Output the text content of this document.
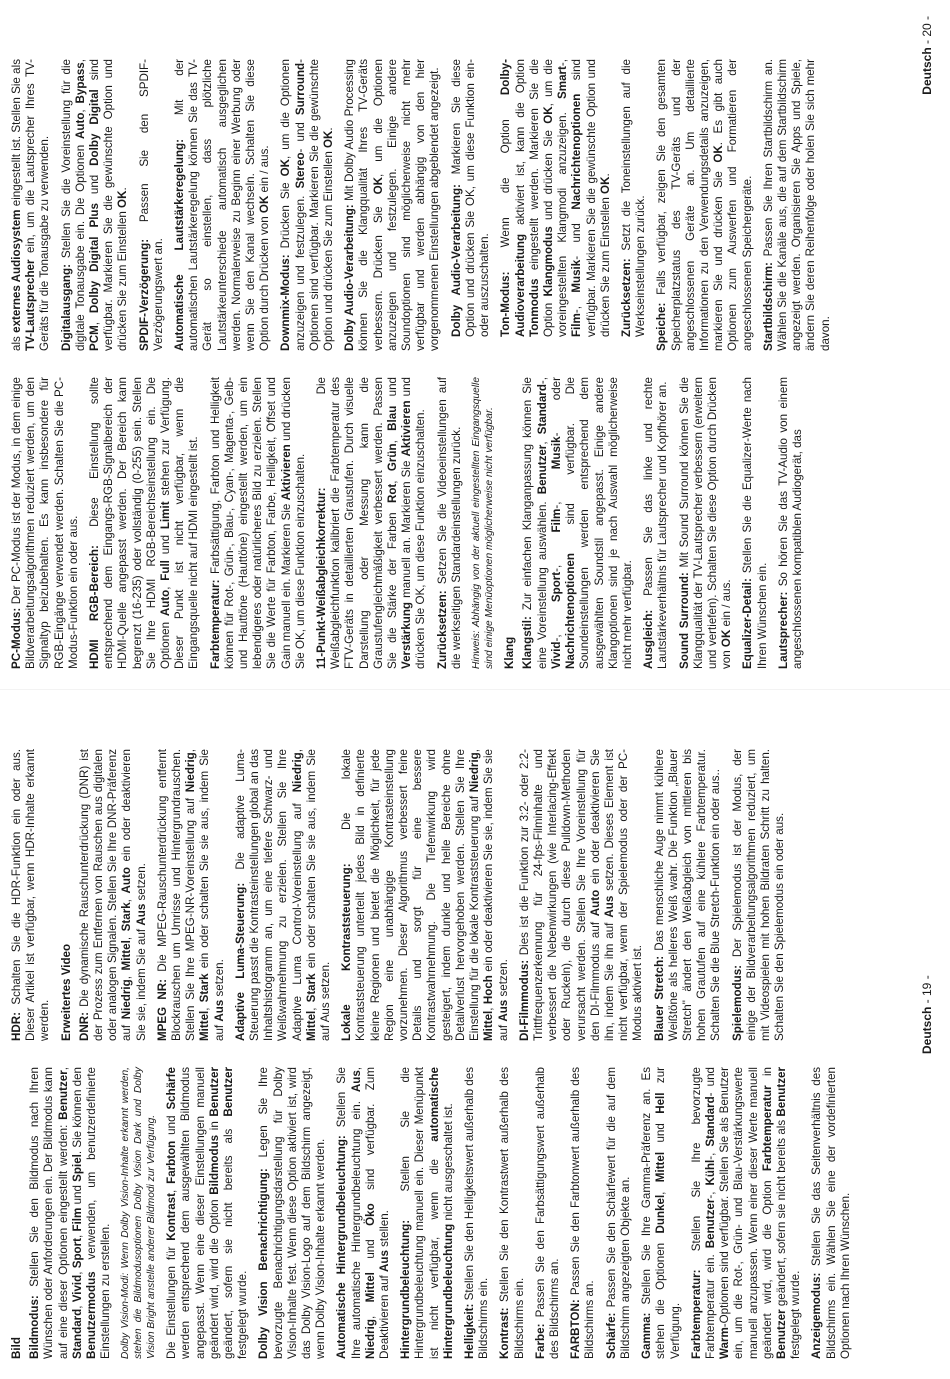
Bild Bildmodus: Stellen Sie den Bildmodus nach Ihren Wünschen oder Anforderungen ein. Der Bildmodus kann auf eine dieser Optionen eingestellt werden: Benutzer, Standard, Vivid, Sport, Film und Spiel. Sie können den Benutzermodus verwenden, um benutzerdefinierte Einstellungen zu erstellen. Dolby Vision-Modi: Wenn Dolby Vision-Inhalte erkannt werden, stehen die Bildmodusoptionen Dolby Vision Dark und Dolby Vision Bright anstelle anderer Bildmodi zur Verfügung. Die Einstellungen für Kontrast, Farbton und Schärfe werden entsprechend dem ausgewählten Bildmodus angepasst. Wenn eine dieser Einstellungen manuell geändert wird, wird die Option Bildmodus in Benutzer geändert, sofern sie nicht bereits als Benutzer festgelegt wurde. Dolby Vision Benachrichtigung: Legen Sie Ihre bevorzugte Benachrichtigungsdarstellung für Dolby Vision-Inhalte fest. Wenn diese Option aktiviert ist, wird das Dolby Vision-Logo auf dem Bildschirm angezeigt, wenn Dolby Vision-Inhalte erkannt werden. Automatische Hintergrundbeleuchtung: Stellen Sie Ihre automatische Hintergrundbeleuchtung ein. Aus, Niedrig, Mittel und Öko sind verfügbar. Zum Deaktivieren auf Aus stellen. Hintergrundbeleuchtung: Stellen Sie die Hintergrundbeleuchtung manuell ein. Dieser Menüpunkt ist nicht verfügbar, wenn die automatische Hintergrundbeleuchtung nicht ausgeschaltet ist.

Helligkeit: Stellen Sie den Helligkeitswert außerhalb des Bildschirms ein. Kontrast: Stellen Sie den Kontrastwert außerhalb des Bildschirms ein. Farbe: Passen Sie den Farbsättigungswert außerhalb des Bildschirms an. FARBTON: Passen Sie den Farbtonwert außerhalb des Bildschirms an. Schärfe: Passen Sie den Schärfewert für die auf dem Bildschirm angezeigten Objekte an. Gamma: Stellen Sie Ihre Gamma-Präferenz an. Es stehen die Optionen Dunkel, Mittel und Hell zur Verfügung. Farbtemperatur: Stellen Sie Ihre bevorzugte Farbtemperatur ein. Benutzer-, Kühl-, Standard- und Warm-Optionen sind verfügbar. Stellen Sie als Benutzer ein, um die Rot-, Grün- und Blau-Verstärkungswerte manuell anzupassen. Wenn einer dieser Werte manuell geändert wird, wird die Option Farbtemperatur in Benutzer geändert, sofern sie nicht bereits als Benutzer festgelegt wurde. Anzeigemodus: Stellen Sie das Seitenverhältnis des Bildschirms ein. Wählen Sie eine der vordefinierten Optionen nach Ihren Wünschen.

HDR: Schalten Sie die HDR-Funktion ein oder aus. Dieser Artikel ist verfügbar, wenn HDR-Inhalte erkannt werden. Erweitertes Video DNR: Die dynamische Rauschunterdrückung (DNR) ist der Prozess zum Entfernen von Rauschen aus digitalen oder analogen Signalen. Stellen Sie Ihre DNR-Präferenz auf Niedrig, Mittel, Stark, Auto ein oder deaktivieren Sie sie, indem Sie auf Aus setzen.

MPEG NR: Die MPEG-Rauschunterdrückung entfernt Blockrauschen um Umrisse und Hintergrundrauschen. Stellen Sie Ihre MPEG-NR-Voreinstellung auf Niedrig, Mittel, Stark ein oder schalten Sie sie aus, indem Sie auf Aus setzen. Adaptive Luma-Steuerung: Die adaptive Luma-Steuerung passt die Kontrasteinstellungen global an das Inhaltshistogramm an, um eine tiefere Schwarz- und Weißwahrnehmung zu erzielen. Stellen Sie Ihre Adaptive Luma Control-Voreinstellung auf Niedrig, Mittel, Stark ein oder schalten Sie sie aus, indem Sie auf Aus setzen. Lokale Kontraststeuerung: Die lokale Kontraststeuerung unterteilt jedes Bild in definierte kleine Regionen und bietet die Möglichkeit, für jede Region eine unabhängige Kontrasteinstellung vorzunehmen. Dieser Algorithmus verbessert feine Details und sorgt für eine bessere Kontrastwahrnehmung. Die Tiefenwirkung wird gesteigert, indem dunkle und helle Bereiche ohne Detailverlust hervorgehoben werden. Stellen Sie Ihre Einstellung für die lokale Kontraststeuerung auf Niedrig, Mittel, Hoch ein oder deaktivieren Sie sie, indem Sie sie auf Aus setzen. DI-Filmmodus: Dies ist die Funktion zur 3:2- oder 2:2-Trittfrequenzerkennung für 24-fps-Filminhalte und verbessert die Nebenwirkungen (wie Interlacing-Effekt oder Ruckeln), die durch diese Pulldown-Methoden verursacht werden. Stellen Sie Ihre Voreinstellung für den DI-Filmmodus auf Auto ein oder deaktivieren Sie ihn, indem Sie ihn auf Aus setzen. Dieses Element ist nicht verfügbar, wenn der Spielemodus oder der PC-Modus aktiviert ist. Blauer Stretch: Das menschliche Auge nimmt kühlere Weißtöne als helleres Weiß wahr. Die Funktion „Blauer Stretch" ändert den Weißabgleich von mittleren bis hohen Grautufen auf eine kühlere Farbtemperatur. Schalten Sie die Blue Stretch-Funktion ein oder aus.. Spielemodus: Der Spielemodus ist der Modus, der einige der Bildverarbeitungsalgorithmen reduziert, um mit Videospielen mit hohen Bildraten Schritt zu halten. Schalten Sie den Spielemodus ein oder aus.	Deutsch - 19 -

PC-Modus: Der PC-Modus ist der Modus, in dem einige Bildverarbeitungsalgorithmen reduziert werden, um den Signaltyp beizubehalten. Es kann insbesondere für RGB-Eingänge verwendet werden. Schalten Sie die PC-Modus-Funktion ein oder aus. HDMI RGB-Bereich: Diese Einstellung sollte entsprechend dem Eingangs-RGB-Signalbereich der HDMI-Quelle angepasst werden. Der Bereich kann begrenzt (16-235) oder vollständig (0-255) sein. Stellen Sie Ihre HDMI RGB-Bereichseinstellung ein. Die Optionen Auto, Full und Limit stehen zur Verfügung. Dieser Punkt ist nicht verfügbar, wenn die Eingangsquelle nicht auf HDMI eingestellt ist. Farbtemperatur: Farbsättigung, Farbton und Helligkeit können für Rot-, Grün-, Blau-, Cyan-, Magenta-, Gelb- und Hauttöne (Hauttöne) eingestellt werden, um ein lebendigeres oder natürlicheres Bild zu erzielen. Stellen Sie die Werte für Farbton, Farbe, Helligkeit, Offset und Gain manuell ein. Markieren Sie Aktivieren und drücken Sie OK, um diese Funktion einzuschalten. 11-Punkt-Weißabgleichkorrektur: Die Weißabgleichfunktion kalibriert die Farbtemperatur des FTV-Geräts in detaillierten Graustufen. Durch visuelle Darstellung oder Messung kann die Graustufengleichmäßigkeit verbessert werden. Passen Sie die Stärke der Farben Rot, Grün, Blau und Verstärkung manuell an. Markieren Sie Aktivieren und drücken Sie OK, um diese Funktion einzuschalten. Zurücksetzen: Setzen Sie die Videoeinstellungen auf die werkseitigen Standardeinstellungen zurück. Hinweis: Abhängig von der aktuell eingestellten Eingangsquelle sind einige Menüoptionen möglicherweise nicht verfügbar. Klang Klangstil: Zur einfachen Klanganpassung können Sie eine Voreinstellung auswählen. Benutzer, Standard-, Vivid-, Sport-, Film-, Musik- oder Nachrichtenoptionen sind verfügbar. Die Soundeinstellungen werden entsprechend dem ausgewählten Soundstil angepasst. Einige andere Klangoptionen sind je nach Auswahl möglicherweise nicht mehr verfügbar. Ausgleich: Passen Sie das linke und rechte Lautstärkeverhältnis für Lautsprecher und Kopfhörer an. Sound Surround: Mit Sound Surround können Sie die Klangqualität der TV-Lautsprecher verbessern (erweitern und vertiefen). Schalten Sie diese Option durch Drücken von OK ein / aus. Equalizer-Detail: Stellen Sie die Equalizer-Werte nach Ihren Wünschen ein. Lautsprecher: So hören Sie das TV-Audio von einem angeschlossenen kompatiblen Audiogerät, das

als externes Audiosystem eingestellt ist. Stellen Sie als TV-Lautsprecher ein, um die Lautsprecher Ihres TV-Geräts für die Tonausgabe zu verwenden. Digitalausgang: Stellen Sie die Voreinstellung für die digitale Tonausgabe ein. Die Optionen Auto, Bypass, PCM, Dolby Digital Plus und Dolby Digital sind verfügbar. Markieren Sie die gewünschte Option und drücken Sie zum Einstellen OK.

SPDIF-Verzögerung: Passen Sie den SPDIF-Verzögerungswert an. Automatische Lautstärkeregelung: Mit der automatischen Lautstärkeregelung können Sie das TV-Gerät so einstellen, dass plötzliche Lautstärkeunterschiede automatisch ausgeglichen werden. Normalerweise zu Beginn einer Werbung oder wenn Sie den Kanal wechseln. Schalten Sie diese Option durch Drücken von OK ein / aus.

Downmix-Modus: Drücken Sie OK, um die Optionen anzuzeigen und festzulegen. Stereo- und Surround-Optionen sind verfügbar. Markieren Sie die gewünschte Option und drücken Sie zum Einstellen OK.

Dolby Audio-Verarbeitung: Mit Dolby Audio Processing können Sie die Klangqualität Ihres TV-Geräts verbessern. Drücken Sie OK, um die Optionen anzuzeigen und festzulegen. Einige andere Soundoptionen sind möglicherweise nicht mehr verfügbar und werden abhängig von den hier vorgenommenen Einstellungen abgeblendet angezeigt. Dolby Audio-Verarbeitung: Markieren Sie diese Option und drücken Sie OK, um diese Funktion ein- oder auszuschalten. Ton-Modus: Wenn die Option Dolby-Audioverarbeitung aktiviert ist, kann die Option Tonmodus eingestellt werden. Markieren Sie die Option Klangmodus und drücken Sie OK, um die voreingestellten Klangmodi anzuzeigen. Smart-, Film-, Musik- und Nachrichtenoptionen sind verfügbar. Markieren Sie die gewünschte Option und drücken Sie zum Einstellen OK.

Zurücksetzen: Setzt die Toneinstellungen auf die Werkseinstellungen zurück. Speiche: Falls verfügbar, zeigen Sie den gesamten Speicherplatzstatus des TV-Geräts und der angeschlossenen Geräte an. Um detaillierte Informationen zu den Verwendungsdetails anzuzeigen, markieren Sie und drücken Sie OK. Es gibt auch Optionen zum Auswerfen und Formatieren der angeschlossenen Speichergeräte. Startbildschirm: Passen Sie Ihren Startbildschirm an. Wählen Sie die Kanäle aus, die auf dem Startbildschirm angezeigt werden. Organisieren Sie Apps und Spiele, ändern Sie deren Reihenfolge oder holen Sie sich mehr davon.

Deutsch - 20 -
